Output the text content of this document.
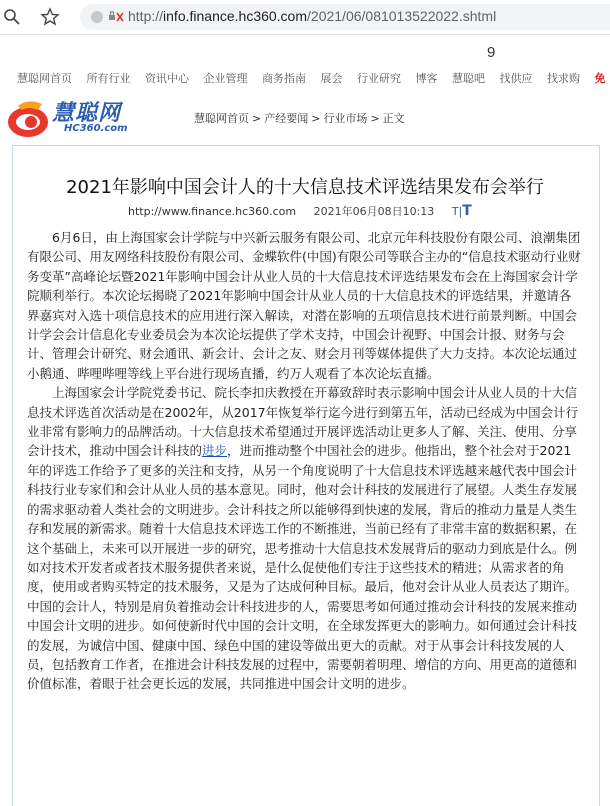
http://info.finance.hc360.com/2021/06/081013522022.shtml
9
慧聪网首页 所有行业 资讯中心 企业管理 商务指南 展会 行业研究 博客 慧聪吧 找供应 找求购 免
慧聪网
HC360.com
慧聪网首页 > 产经要闻 > 行业市场 > 正文
2021年影响中国会计人的十大信息技术评选结果发布会举行
http://www.finance.hc360.com 2021年06月08日10:13 T|T

6月6日，由上海国家会计学院与中兴新云服务有限公司、北京元年科技股份有限公司、浪潮集团有限公司、用友网络科技股份有限公司、金蝶软件(中国)有限公司等联合主办的“信息技术驱动行业财务变革”高峰论坛暨2021年影响中国会计从业人员的十大信息技术评选结果发布会在上海国家会计学院顺利举行。本次论坛揭晓了2021年影响中国会计从业人员的十大信息技术的评选结果，并邀请各界嘉宾对入选十项信息技术的应用进行深入解读，对潜在影响的五项信息技术进行前景判断。中国会计学会会计信息化专业委员会为本次论坛提供了学术支持，中国会计视野、中国会计报、财务与会计、管理会计研究、财会通讯、新会计、会计之友、财会月刊等媒体提供了大力支持。本次论坛通过小鹅通、哔哩哔哩等线上平台进行现场直播，约万人观看了本次论坛直播。

上海国家会计学院党委书记、院长李扣庆教授在开幕致辞时表示影响中国会计从业人员的十大信息技术评选首次活动是在2002年，从2017年恢复举行迄今进行到第五年，活动已经成为中国会计行业非常有影响力的品牌活动。十大信息技术希望通过开展评选活动让更多人了解、关注、使用、分享会计技术，推动中国会计科技的进步，进而推动整个中国社会的进步。他指出，整个社会对于2021年的评选工作给予了更多的关注和支持，从另一个角度说明了十大信息技术评选越来越代表中国会计科技行业专家们和会计从业人员的基本意见。同时，他对会计科技的发展进行了展望。人类生存发展的需求驱动着人类社会的文明进步。会计科技之所以能够得到快速的发展，背后的推动力量是人类生存和发展的新需求。随着十大信息技术评选工作的不断推进，当前已经有了非常丰富的数据积累，在这个基础上，未来可以开展进一步的研究，思考推动十大信息技术发展背后的驱动力到底是什么。例如对技术开发者或者技术服务提供者来说，是什么促使他们专注于这些技术的精进；从需求者的角度，使用或者购买特定的技术服务，又是为了达成何种目标。最后，他对会计从业人员表达了期许。中国的会计人，特别是肩负着推动会计科技进步的人，需要思考如何通过推动会计科技的发展来推动中国会计文明的进步。如何使新时代中国的会计文明，在全球发挥更大的影响力。如何通过会计科技的发展，为诚信中国、健康中国、绿色中国的建设等做出更大的贡献。对于从事会计科技发展的人员，包括教育工作者，在推进会计科技发展的过程中，需要朝着明理、增信的方向、用更高的道德和价值标准，着眼于社会更长远的发展，共同推进中国会计文明的进步。
